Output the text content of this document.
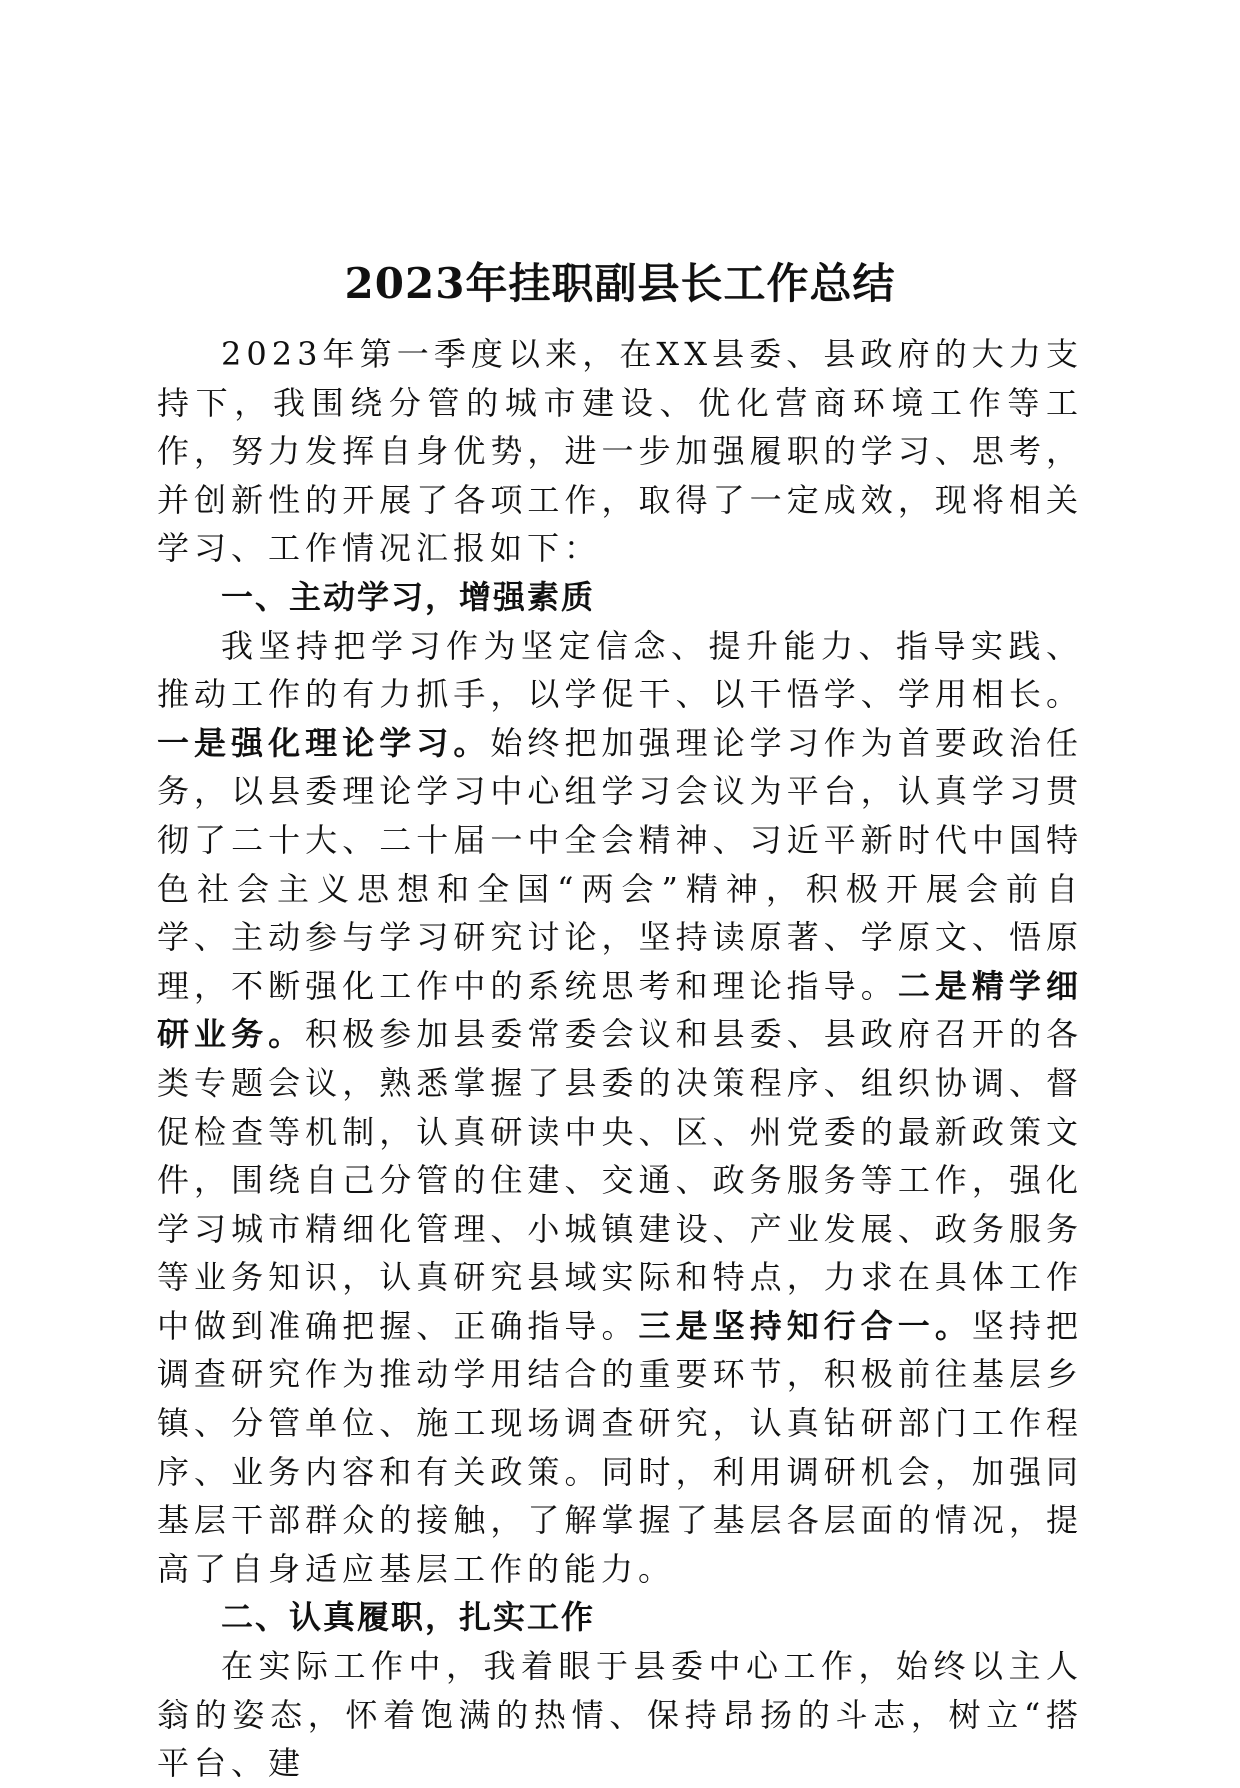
2023年挂职副县长工作总结

2023年第一季度以来，在XX县委、县政府的大力支持下，我围绕分管的城市建设、优化营商环境工作等工作，努力发挥自身优势，进一步加强履职的学习、思考，并创新性的开展了各项工作，取得了一定成效，现将相关学习、工作情况汇报如下：

一、主动学习，增强素质

我坚持把学习作为坚定信念、提升能力、指导实践、推动工作的有力抓手，以学促干、以干悟学、学用相长。一是强化理论学习。始终把加强理论学习作为首要政治任务，以县委理论学习中心组学习会议为平台，认真学习贯彻了二十大、二十届一中全会精神、习近平新时代中国特色社会主义思想和全国“两会”精神，积极开展会前自学、主动参与学习研究讨论，坚持读原著、学原文、悟原理，不断强化工作中的系统思考和理论指导。二是精学细研业务。积极参加县委常委会议和县委、县政府召开的各类专题会议，熟悉掌握了县委的决策程序、组织协调、督促检查等机制，认真研读中央、区、州党委的最新政策文件，围绕自己分管的住建、交通、政务服务等工作，强化学习城市精细化管理、小城镇建设、产业发展、政务服务等业务知识，认真研究县域实际和特点，力求在具体工作中做到准确把握、正确指导。三是坚持知行合一。坚持把调查研究作为推动学用结合的重要环节，积极前往基层乡镇、分管单位、施工现场调查研究，认真钻研部门工作程序、业务内容和有关政策。同时，利用调研机会，加强同基层干部群众的接触，了解掌握了基层各层面的情况，提高了自身适应基层工作的能力。

二、认真履职，扎实工作

在实际工作中，我着眼于县委中心工作，始终以主人翁的姿态，怀着饱满的热情、保持昂扬的斗志，树立“搭平台、建
